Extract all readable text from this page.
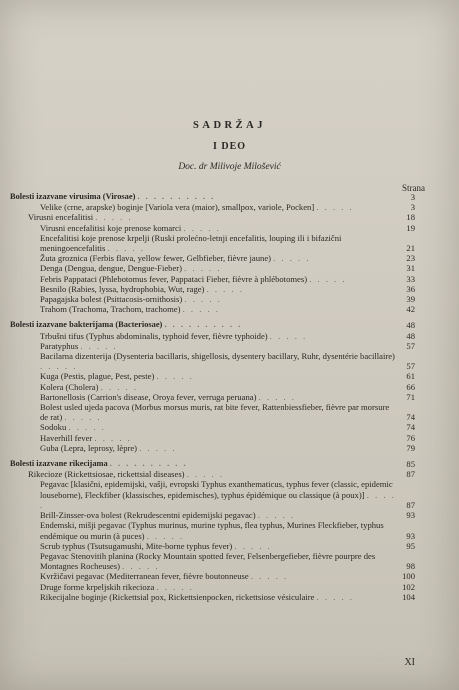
SADRŽAJ
I DEO
Doc. dr Milivoje Milošević
Strana
Bolesti izazvane virusima (Virosae) . . . . . . . . . .	3
Velike (crne, arapske) boginje [Variola vera (maior), smallpox, variole, Pocken] . . . . .	3
Virusni encefalitisi . . . . .	18
Virusni encefalitisi koje prenose komarci . . . . .	19
Encefalitisi koje prenose krpelji (Ruski prolećno-letnji encefalitis, louping ili i bifazični meningoencefalitis . . . . .	21
Žuta groznica (Ferbis flava, yellow fewer, Gelbfieber, fièvre jaune) . . . . .	23
Denga (Dengua, dengue, Dengue-Fieber) . . . . .	31
Febris Pappataci (Phlebotomus fever, Pappataci Fieber, fièvre à phlébotomes) . . . . .	33
Besnilo (Rabies, lyssa, hydrophobia, Wut, rage) . . . . .	36
Papagajska bolest (Psittacosis-ornithosis) . . . . .	39
Trahom (Trachoma, Trachom, trachome) . . . . .	42
Bolesti izazvane bakterijama (Bacteriosae) . . . . . . . . . .	48
Trbušni tifus (Typhus abdominalis, typhoid fever, fièvre typhoide) . . . . .	48
Paratyphus . . . . .	57
Bacilarna dizenterija (Dysenteria bacillaris, shigellosis, dysentery bacillary, Ruhr, dysentérie bacillaire) . . . . .	57
Kuga (Pestis, plague, Pest, peste) . . . . .	61
Kolera (Cholera) . . . . .	66
Bartonellosis (Carrion's disease, Oroya fever, verruga peruana) . . . . .	71
Bolest usled ujeda pacova (Morbus morsus muris, rat bite fever, Rattenbiessfieber, fièvre par morsure de rat) . . . . .	74
Sodoku . . . . .	74
Haverhill fever . . . . .	76
Guba (Lepra, leprosy, lèpre) . . . . .	79
Bolesti izazvane rikecijama . . . . . . . . . .	85
Rikecioze (Rickettsiosae, rickettsial diseases) . . . . .	87
Pegavac [klasični, epidemijski, vašji, evropski Typhus exanthematicus, typhus fever (classic, epidemic louseborne), Fleckfiber (klassisches, epidemisches), typhus épidémique ou classique (à poux)] . . . . .	87
Brill-Zinsser-ova bolest (Rekrudescentni epidemijski pegavac) . . . . .	93
Endemski, mišji pegavac (Typhus murinus, murine typhus, flea typhus, Murines Fleckfieber, typhus endémique ou murin (à puces) . . . . .	93
Scrub typhus (Tsutsugamushi, Mite-borne typhus fever) . . . . .	95
Pegavac Stenovitih planina (Rocky Mountain spotted fever, Felsenbergefieber, fièvre pourpre des Montagnes Rocheuses) . . . . .	98
Kvržičavi pegavac (Mediterranean fever, fièvre boutonneuse . . . . .	100
Druge forme krpeljskih rikecioza . . . . .	102
Rikecijalne boginje (Rickettsial pox, Rickettsienpocken, rickettsiose vésiculaire . . . . .	104
XI
